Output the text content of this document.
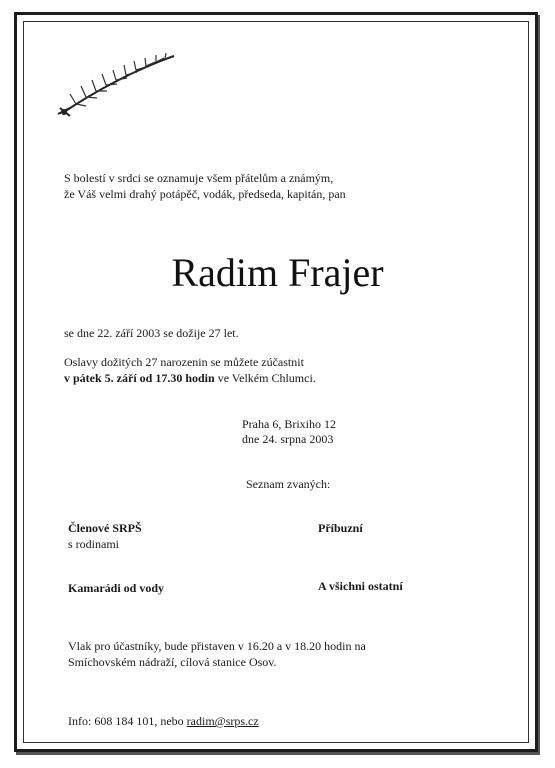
S bolestí v srdci se oznamuje všem přátelům a známým,
že Váš velmi drahý potápěč, vodák, předseda, kapitán, pan
Radim Frajer
se dne 22. září 2003 se dožije 27 let.
Oslavy dožitých 27 narozenin se můžete zúčastnit
v pátek 5. září od 17.30 hodin ve Velkém Chlumci.
Praha 6, Brixiho 12
dne 24. srpna 2003
Seznam zvaných:
Členové SRPŠ
s rodinami
Příbuzní
Kamarádi od vody	A všichni ostatní
Vlak pro účastníky, bude přistaven v 16.20 a v 18.20 hodin na
Smíchovském nádraží, cílová stanice Osov.
Info: 608 184 101, nebo radim@srps.cz
